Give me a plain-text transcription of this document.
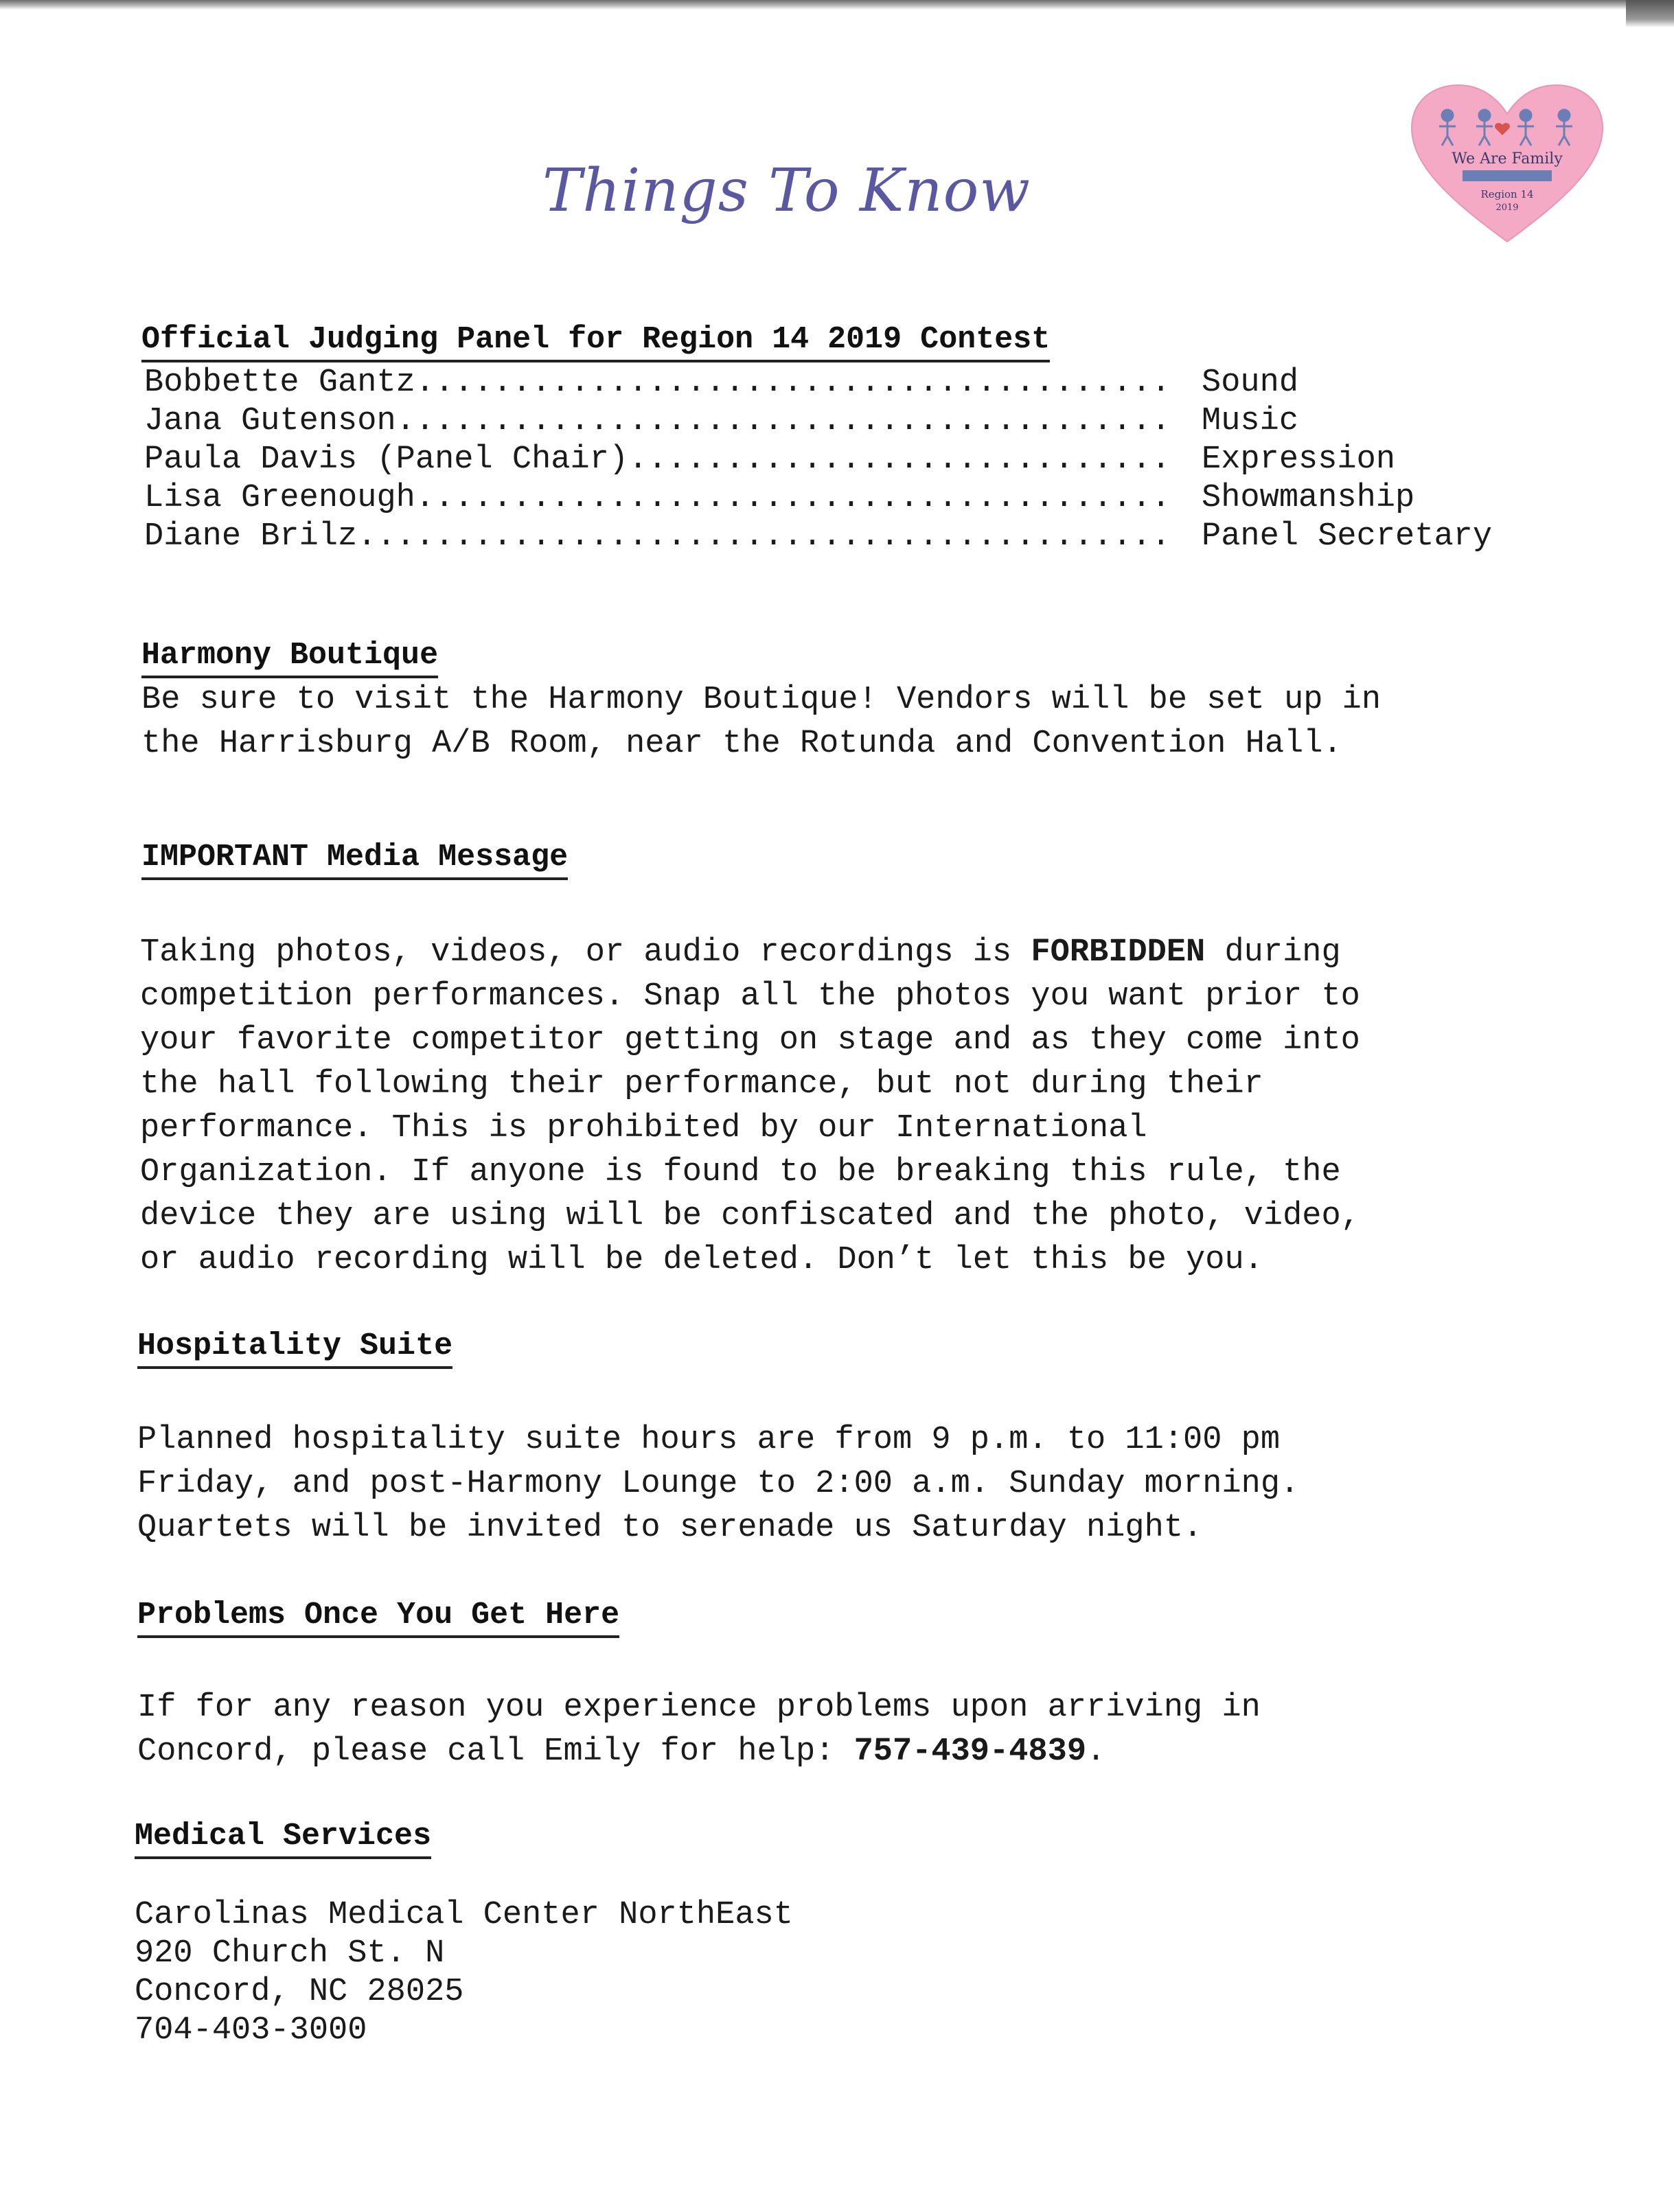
Things To Know	We Are Family
Region 14
2019
Official Judging Panel for Region 14 2019 Contest
Bobbette Gantz....................................... Sound
Jana Gutenson........................................ Music
Paula Davis (Panel Chair)............................ Expression
Lisa Greenough....................................... Showmanship
Diane Brilz.......................................... Panel Secretary
Harmony Boutique
Be sure to visit the Harmony Boutique! Vendors will be set up in
the Harrisburg A/B Room, near the Rotunda and Convention Hall.
IMPORTANT Media Message
Taking photos, videos, or audio recordings is FORBIDDEN during
competition performances. Snap all the photos you want prior to
your favorite competitor getting on stage and as they come into
the hall following their performance, but not during their
performance. This is prohibited by our International
Organization. If anyone is found to be breaking this rule, the
device they are using will be confiscated and the photo, video,
or audio recording will be deleted. Don’t let this be you.
Hospitality Suite
Planned hospitality suite hours are from 9 p.m. to 11:00 pm
Friday, and post-Harmony Lounge to 2:00 a.m. Sunday morning.
Quartets will be invited to serenade us Saturday night.
Problems Once You Get Here
If for any reason you experience problems upon arriving in
Concord, please call Emily for help: 757-439-4839.
Medical Services
Carolinas Medical Center NorthEast
920 Church St. N
Concord, NC 28025
704-403-3000
